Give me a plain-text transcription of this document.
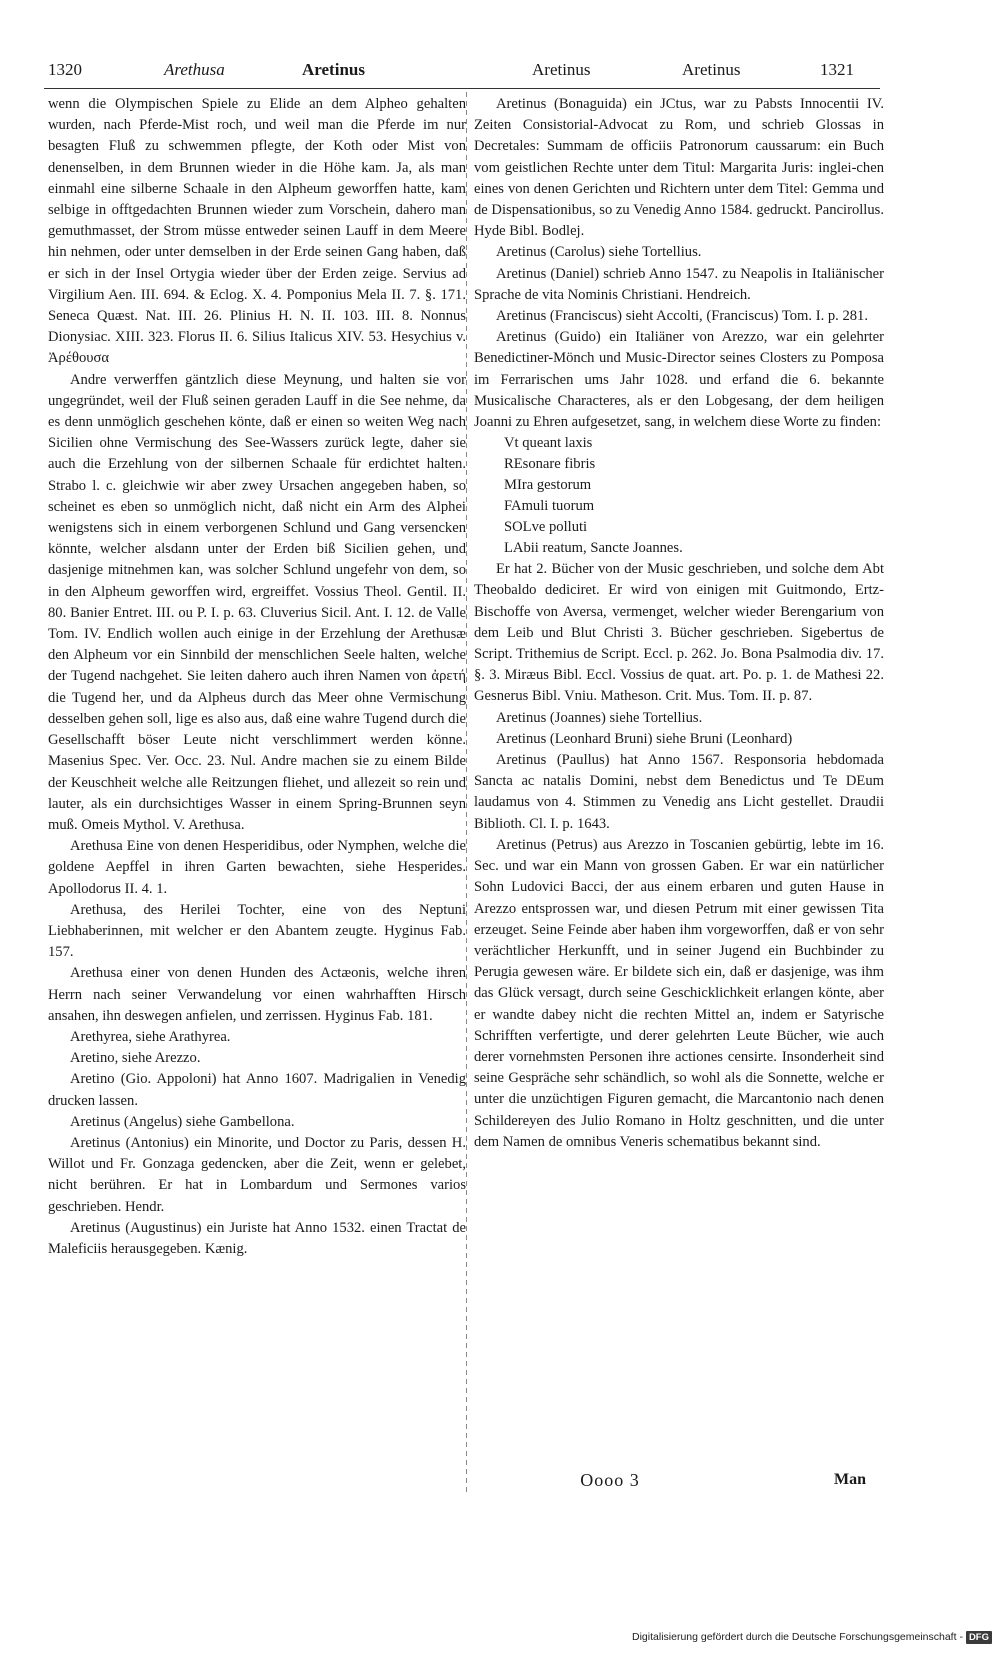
1320	Arethusa	Aretinus	Aretinus	Aretinus	1321

wenn die Olympischen Spiele zu Elide an dem Alpheo gehalten wurden, nach Pferde-Mist roch, und weil man die Pferde im nur besagten Fluß zu schwemmen pflegte, der Koth oder Mist von denenselben, in dem Brunnen wieder in die Höhe kam. Ja, als man einmahl eine silberne Schaale in den Alpheum geworffen hatte, kam selbige in offtgedachten Brunnen wieder zum Vorschein, dahero man gemuthmasset, der Strom müsse entweder seinen Lauff in dem Meere hin nehmen, oder unter demselben in der Erde seinen Gang haben, daß er sich in der Insel Ortygia wieder über der Erden zeige. Servius ad Virgilium Aen. III. 694. & Eclog. X. 4. Pomponius Mela II. 7. §. 171. Seneca Quæst. Nat. III. 26. Plinius H. N. II. 103. III. 8. Nonnus Dionysiac. XIII. 323. Florus II. 6. Silius Italicus XIV. 53. Hesychius v. Ἀρέθουσα

Andre verwerffen gäntzlich diese Meynung, und halten sie vor ungegründet, weil der Fluß seinen geraden Lauff in die See nehme, da es denn unmöglich geschehen könte, daß er einen so weiten Weg nach Sicilien ohne Vermischung des See-Wassers zurück legte, daher sie auch die Erzehlung von der silbernen Schaale für erdichtet halten. Strabo l. c. gleichwie wir aber zwey Ursachen angegeben haben, so scheinet es eben so unmöglich nicht, daß nicht ein Arm des Alphei wenigstens sich in einem verborgenen Schlund und Gang versencken könnte, welcher alsdann unter der Erden biß Sicilien gehen, und dasjenige mitnehmen kan, was solcher Schlund ungefehr von dem, so in den Alpheum geworffen wird, ergreiffet. Vossius Theol. Gentil. II. 80. Banier Entret. III. ou P. I. p. 63. Cluverius Sicil. Ant. I. 12. de Valle Tom. IV. Endlich wollen auch einige in der Erzehlung der Arethusæ den Alpheum vor ein Sinnbild der menschlichen Seele halten, welche der Tugend nachgehet. Sie leiten dahero auch ihren Namen von ἀρετή die Tugend her, und da Alpheus durch das Meer ohne Vermischung desselben gehen soll, lige es also aus, daß eine wahre Tugend durch die Gesellschafft böser Leute nicht verschlimmert werden könne. Masenius Spec. Ver. Occ. 23. Nul. Andre machen sie zu einem Bilde der Keuschheit welche alle Reitzungen fliehet, und allezeit so rein und lauter, als ein durchsichtiges Wasser in einem Spring-Brunnen seyn muß. Omeis Mythol. V. Arethusa.

Arethusa Eine von denen Hesperidibus, oder Nymphen, welche die goldene Aepffel in ihren Garten bewachten, siehe Hesperides. Apollodorus II. 4. 1.

Arethusa, des Herilei Tochter, eine von des Neptuni Liebhaberinnen, mit welcher er den Abantem zeugte. Hyginus Fab. 157.

Arethusa einer von denen Hunden des Actæonis, welche ihren Herrn nach seiner Verwandelung vor einen wahrhafften Hirsch ansahen, ihn deswegen anfielen, und zerrissen. Hyginus Fab. 181.

Arethyrea, siehe Arathyrea.

Aretino, siehe Arezzo.

Aretino (Gio. Appoloni) hat Anno 1607. Madrigalien in Venedig drucken lassen.

Aretinus (Angelus) siehe Gambellona.

Aretinus (Antonius) ein Minorite, und Doctor zu Paris, dessen H. Willot und Fr. Gonzaga gedencken, aber die Zeit, wenn er gelebet, nicht berühren. Er hat in Lombardum und Sermones varios geschrieben. Hendr.

Aretinus (Augustinus) ein Juriste hat Anno 1532. einen Tractat de Maleficiis herausgegeben. Kænig.

Aretinus (Bonaguida) ein JCtus, war zu Pabsts Innocentii IV. Zeiten Consistorial-Advocat zu Rom, und schrieb Glossas in Decretales: Summam de officiis Patronorum caussarum: ein Buch vom geistlichen Rechte unter dem Titul: Margarita Juris: inglei-chen eines von denen Gerichten und Richtern unter dem Titel: Gemma und de Dispensationibus, so zu Venedig Anno 1584. gedruckt. Pancirollus. Hyde Bibl. Bodlej.

Aretinus (Carolus) siehe Tortellius.

Aretinus (Daniel) schrieb Anno 1547. zu Neapolis in Italiänischer Sprache de vita Nominis Christiani. Hendreich.

Aretinus (Franciscus) sieht Accolti, (Franciscus) Tom. I. p. 281.

Aretinus (Guido) ein Italiäner von Arezzo, war ein gelehrter Benedictiner-Mönch und Music-Director seines Closters zu Pomposa im Ferrarischen ums Jahr 1028. und erfand die 6. bekannte Musicalische Characteres, als er den Lobgesang, der dem heiligen Joanni zu Ehren aufgesetzet, sang, in welchem diese Worte zu finden:

Vt queant laxis
REsonare fibris
MIra gestorum
FAmuli tuorum
SOLve polluti
LAbii reatum, Sancte Joannes.

Er hat 2. Bücher von der Music geschrieben, und solche dem Abt Theobaldo dediciret. Er wird von einigen mit Guitmondo, Ertz-Bischoffe von Aversa, vermenget, welcher wieder Berengarium von dem Leib und Blut Christi 3. Bücher geschrieben. Sigebertus de Script. Trithemius de Script. Eccl. p. 262. Jo. Bona Psalmodia div. 17. §. 3. Miræus Bibl. Eccl. Vossius de quat. art. Po. p. 1. de Mathesi 22. Gesnerus Bibl. Vniu. Matheson. Crit. Mus. Tom. II. p. 87.

Aretinus (Joannes) siehe Tortellius.

Aretinus (Leonhard Bruni) siehe Bruni (Leonhard)

Aretinus (Paullus) hat Anno 1567. Responsoria hebdomada Sancta ac natalis Domini, nebst dem Benedictus und Te DEum laudamus von 4. Stimmen zu Venedig ans Licht gestellet. Draudii Biblioth. Cl. I. p. 1643.

Aretinus (Petrus) aus Arezzo in Toscanien gebürtig, lebte im 16. Sec. und war ein Mann von grossen Gaben. Er war ein natürlicher Sohn Ludovici Bacci, der aus einem erbaren und guten Hause in Arezzo entsprossen war, und diesen Petrum mit einer gewissen Tita erzeuget. Seine Feinde aber haben ihm vorgeworffen, daß er von sehr verächtlicher Herkunfft, und in seiner Jugend ein Buchbinder zu Perugia gewesen wäre. Er bildete sich ein, daß er dasjenige, was ihm das Glück versagt, durch seine Geschicklichkeit erlangen könte, aber er wandte dabey nicht die rechten Mittel an, indem er Satyrische Schrifften verfertigte, und derer gelehrten Leute Bücher, wie auch derer vornehmsten Personen ihre actiones censirte. Insonderheit sind seine Gespräche sehr schändlich, so wohl als die Sonnette, welche er unter die unzüchtigen Figuren gemacht, die Marcantonio nach denen Schildereyen des Julio Romano in Holtz geschnitten, und die unter dem Namen de omnibus Veneris schematibus bekannt sind.

Oooo 3	Man
Digitalisierung gefördert durch die Deutsche Forschungsgemeinschaft - DFG
